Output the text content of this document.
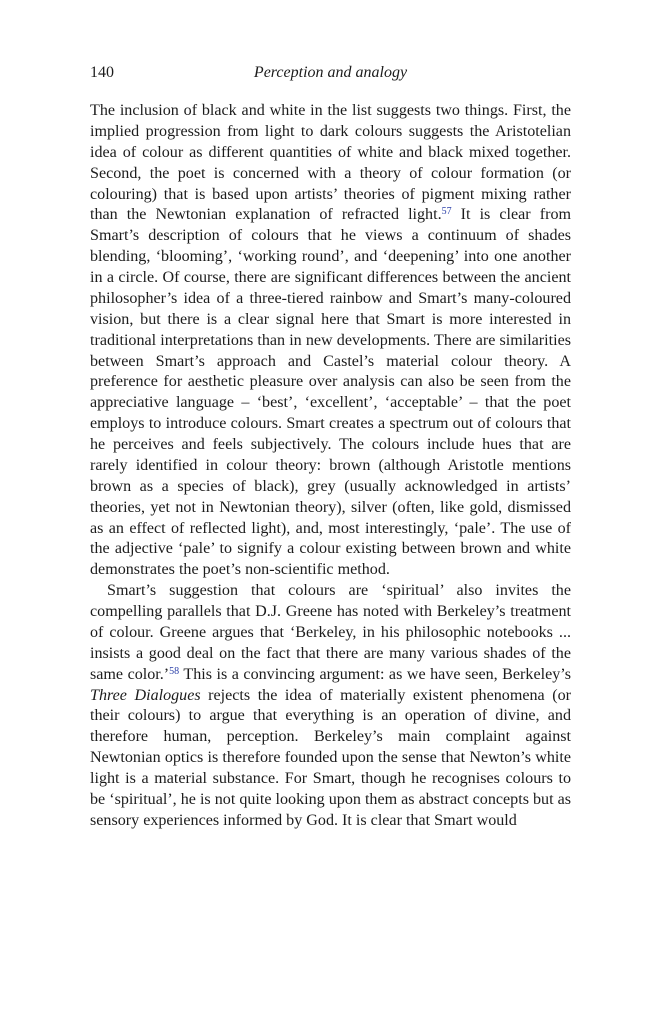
140	Perception and analogy

The inclusion of black and white in the list suggests two things. First, the implied progression from light to dark colours suggests the Aristotelian idea of colour as different quantities of white and black mixed together. Second, the poet is concerned with a theory of colour formation (or colouring) that is based upon artists’ theories of pigment mixing rather than the Newtonian explanation of refracted light.$^{57}$ It is clear from Smart’s description of colours that he views a continuum of shades blending, ‘blooming’, ‘working round’, and ‘deepening’ into one another in a circle. Of course, there are significant differences between the ancient philosopher’s idea of a three-tiered rainbow and Smart’s many-coloured vision, but there is a clear signal here that Smart is more interested in traditional interpretations than in new developments. There are similarities between Smart’s approach and Castel’s material colour theory. A preference for aesthetic pleasure over analysis can also be seen from the appreciative language – ‘best’, ‘excellent’, ‘acceptable’ – that the poet employs to introduce colours. Smart creates a spectrum out of colours that he perceives and feels subjectively. The colours include hues that are rarely identified in colour theory: brown (although Aristotle mentions brown as a species of black), grey (usually acknowledged in artists’ theories, yet not in Newtonian theory), silver (often, like gold, dismissed as an effect of reflected light), and, most interestingly, ‘pale’. The use of the adjective ‘pale’ to signify a colour existing between brown and white demonstrates the poet’s non-scientific method.

Smart’s suggestion that colours are ‘spiritual’ also invites the compelling parallels that D.J. Greene has noted with Berkeley’s treatment of colour. Greene argues that ‘Berkeley, in his philosophic notebooks ... insists a good deal on the fact that there are many various shades of the same color.’$^{58}$ This is a convincing argument: as we have seen, Berkeley’s Three Dialogues rejects the idea of materially existent phenomena (or their colours) to argue that everything is an operation of divine, and therefore human, perception. Berkeley’s main complaint against Newtonian optics is therefore founded upon the sense that Newton’s white light is a material substance. For Smart, though he recognises colours to be ‘spiritual’, he is not quite looking upon them as abstract concepts but as sensory experiences informed by God. It is clear that Smart would
